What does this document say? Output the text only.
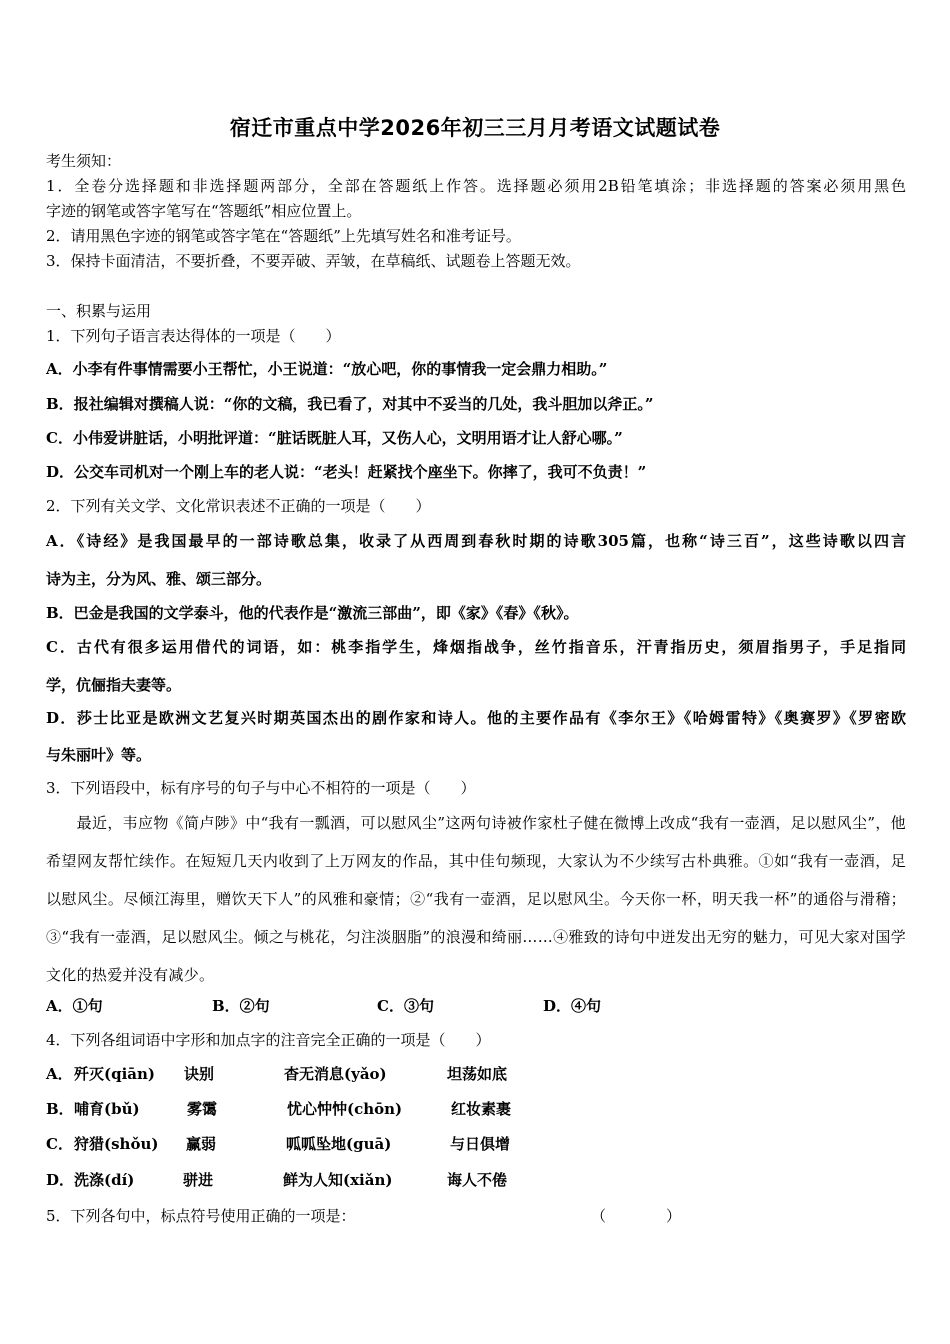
宿迁市重点中学2026年初三三月月考语文试题试卷
考生须知：
1．全卷分选择题和非选择题两部分，全部在答题纸上作答。选择题必须用2B铅笔填涂；非选择题的答案必须用黑色
字迹的钢笔或答字笔写在“答题纸”相应位置上。
2．请用黑色字迹的钢笔或答字笔在“答题纸”上先填写姓名和准考证号。
3．保持卡面清洁，不要折叠，不要弄破、弄皱，在草稿纸、试题卷上答题无效。
一、积累与运用
1．下列句子语言表达得体的一项是（　　）
A．小李有件事情需要小王帮忙，小王说道：“放心吧，你的事情我一定会鼎力相助。”
B．报社编辑对撰稿人说：“你的文稿，我已看了，对其中不妥当的几处，我斗胆加以斧正。”
C．小伟爱讲脏话，小明批评道：“脏话既脏人耳，又伤人心，文明用语才让人舒心哪。”
D．公交车司机对一个刚上车的老人说：“老头！赶紧找个座坐下。你摔了，我可不负责！”
2．下列有关文学、文化常识表述不正确的一项是（　　）
A．《诗经》是我国最早的一部诗歌总集，收录了从西周到春秋时期的诗歌305篇，也称“诗三百”，这些诗歌以四言
诗为主，分为风、雅、颂三部分。
B．巴金是我国的文学泰斗，他的代表作是“激流三部曲”，即《家》《春》《秋》。
C．古代有很多运用借代的词语，如：桃李指学生，烽烟指战争，丝竹指音乐，汗青指历史，须眉指男子，手足指同
学，伉俪指夫妻等。
D．莎士比亚是欧洲文艺复兴时期英国杰出的剧作家和诗人。他的主要作品有《李尔王》《哈姆雷特》《奥赛罗》《罗密欧
与朱丽叶》等。
3．下列语段中，标有序号的句子与中心不相符的一项是（　　）
　　最近，韦应物《简卢陟》中“我有一瓢酒，可以慰风尘”这两句诗被作家杜子健在微博上改成“我有一壶酒，足以慰风尘”，他希望网友帮忙续作。在短短几天内收到了上万网友的作品，其中佳句频现，大家认为不少续写古朴典雅。①如“我有一壶酒，足以慰风尘。尽倾江海里，赠饮天下人”的风雅和豪情；②“我有一壶酒，足以慰风尘。今天你一杯，明天我一杯”的通俗与滑稽；③“我有一壶酒，足以慰风尘。倾之与桃花，匀注淡胭脂”的浪漫和绮丽……④雅致的诗句中迸发出无穷的魅力，可见大家对国学文化的热爱并没有减少。
A．①句	B．②句	C．③句	D．④句
4．下列各组词语中字形和加点字的注音完全正确的一项是（　　）
A． 歼灭(qiān) 诀别	杳无消息(yǎo)	坦荡如底
B． 哺育(bǔ)	雾霭	忧心忡忡(chōn)	红妆素裹
C． 狩猎(shǒu) 赢弱	呱呱坠地(guā)	与日俱增
D． 洗涤(dí)	骈进	鲜为人知(xiǎn)	诲人不倦
5．下列各句中，标点符号使用正确的一项是：	（　　　　）
